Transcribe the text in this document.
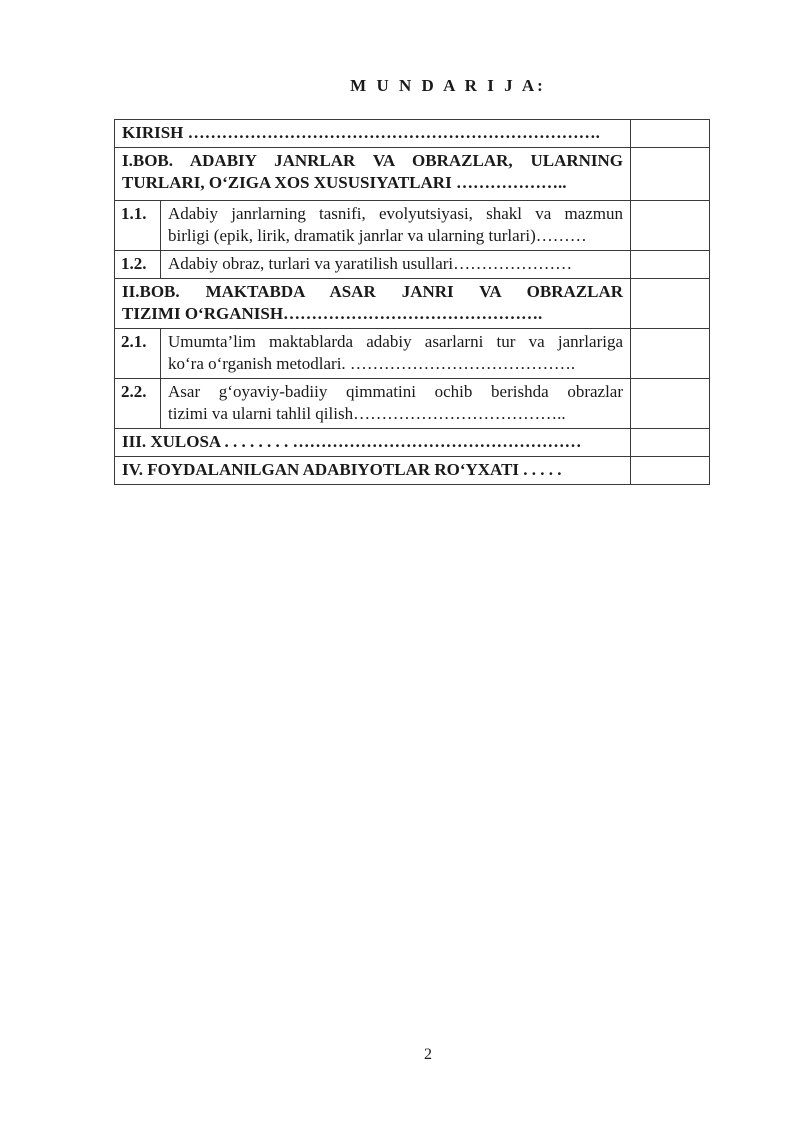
M U N D A R I J A:
KIRISH ……………………………………………………………….		

I.BOB. ADABIY JANRLAR VA OBRAZLAR, ULARNING
TURLARI, O‘ZIGA XOS XUSUSIYATLARI ………………..		

1.1.	Adabiy janrlarning tasnifi, evolyutsiyasi, shakl va mazmun
birligi (epik, lirik, dramatik janrlar va ularning turlari)………	

1.2.	Adabiy obraz, turlari va yaratilish usullari…………………	

II.BOB. MAKTABDA ASAR JANRI VA OBRAZLAR
TIZIMI O‘RGANISH……………………………………….		

2.1.	Umumta’lim maktablarda adabiy asarlarni tur va janrlariga
ko‘ra o‘rganish metodlari. ………………………………….	

2.2.	Asar g‘oyaviy-badiiy qimmatini ochib berishda obrazlar
tizimi va ularni tahlil qilish………………………………..	

III. XULOSA . . . . . . . . ……………………………………………		
IV. FOYDALANILGAN ADABIYOTLAR RO‘YXATI . . . . .		
2
